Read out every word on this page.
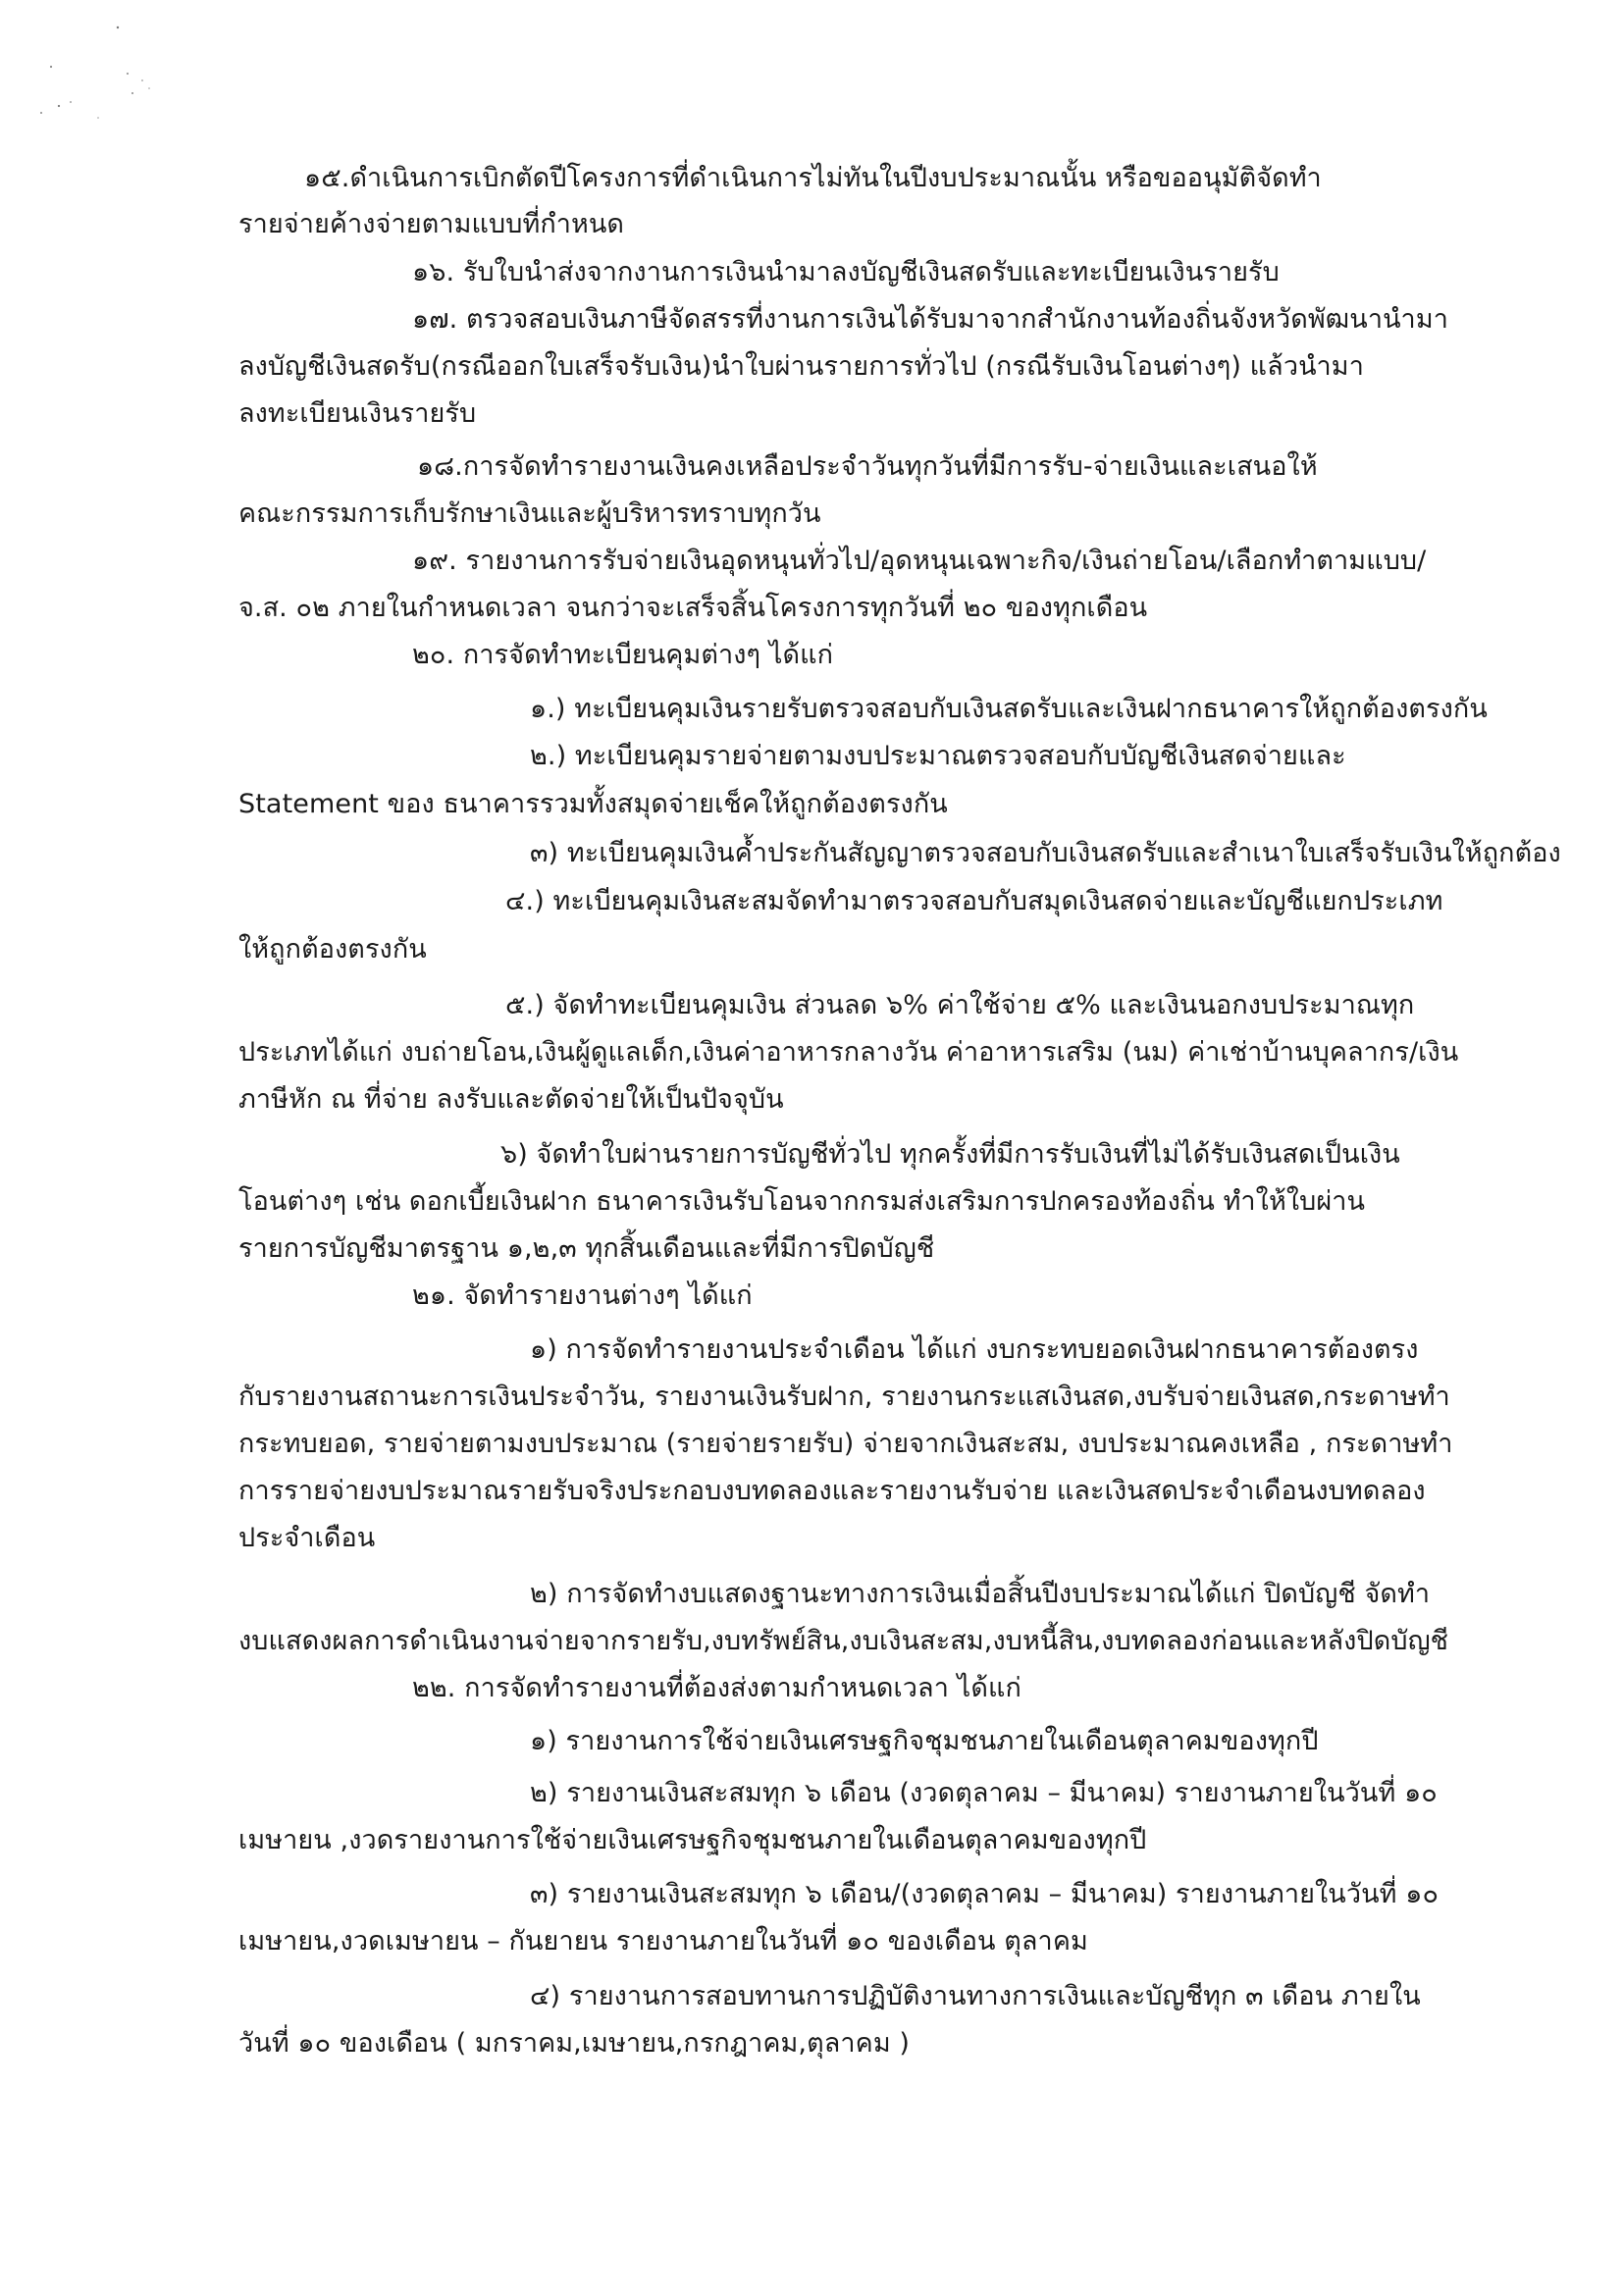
๑๕.ดำเนินการเบิกตัดปีโครงการที่ดำเนินการไม่ทันในปีงบประมาณนั้น หรือขออนุมัติจัดทำ
รายจ่ายค้างจ่ายตามแบบที่กำหนด
๑๖. รับใบนำส่งจากงานการเงินนำมาลงบัญชีเงินสดรับและทะเบียนเงินรายรับ
๑๗. ตรวจสอบเงินภาษีจัดสรรที่งานการเงินได้รับมาจากสำนักงานท้องถิ่นจังหวัดพัฒนานำมา
ลงบัญชีเงินสดรับ(กรณีออกใบเสร็จรับเงิน)นำใบผ่านรายการทั่วไป (กรณีรับเงินโอนต่างๆ) แล้วนำมา
ลงทะเบียนเงินรายรับ
๑๘.การจัดทำรายงานเงินคงเหลือประจำวันทุกวันที่มีการรับ-จ่ายเงินและเสนอให้
คณะกรรมการเก็บรักษาเงินและผู้บริหารทราบทุกวัน
๑๙. รายงานการรับจ่ายเงินอุดหนุนทั่วไป/อุดหนุนเฉพาะกิจ/เงินถ่ายโอน/เลือกทำตามแบบ/
จ.ส. ๐๒ ภายในกำหนดเวลา จนกว่าจะเสร็จสิ้นโครงการทุกวันที่ ๒๐ ของทุกเดือน
๒๐. การจัดทำทะเบียนคุมต่างๆ ได้แก่
๑.) ทะเบียนคุมเงินรายรับตรวจสอบกับเงินสดรับและเงินฝากธนาคารให้ถูกต้องตรงกัน
๒.) ทะเบียนคุมรายจ่ายตามงบประมาณตรวจสอบกับบัญชีเงินสดจ่ายและ
Statement ของ ธนาคารรวมทั้งสมุดจ่ายเช็คให้ถูกต้องตรงกัน
๓) ทะเบียนคุมเงินค้ำประกันสัญญาตรวจสอบกับเงินสดรับและสำเนาใบเสร็จรับเงินให้ถูกต้อง
๔.) ทะเบียนคุมเงินสะสมจัดทำมาตรวจสอบกับสมุดเงินสดจ่ายและบัญชีแยกประเภท
ให้ถูกต้องตรงกัน
๕.) จัดทำทะเบียนคุมเงิน ส่วนลด ๖% ค่าใช้จ่าย ๕% และเงินนอกงบประมาณทุก
ประเภทได้แก่ งบถ่ายโอน,เงินผู้ดูแลเด็ก,เงินค่าอาหารกลางวัน ค่าอาหารเสริม (นม) ค่าเช่าบ้านบุคลากร/เงิน
ภาษีหัก ณ ที่จ่าย ลงรับและตัดจ่ายให้เป็นปัจจุบัน
๖) จัดทำใบผ่านรายการบัญชีทั่วไป ทุกครั้งที่มีการรับเงินที่ไม่ได้รับเงินสดเป็นเงิน
โอนต่างๆ เช่น ดอกเบี้ยเงินฝาก ธนาคารเงินรับโอนจากกรมส่งเสริมการปกครองท้องถิ่น ทำให้ใบผ่าน
รายการบัญชีมาตรฐาน ๑,๒,๓ ทุกสิ้นเดือนและที่มีการปิดบัญชี
๒๑. จัดทำรายงานต่างๆ ได้แก่
๑) การจัดทำรายงานประจำเดือน ได้แก่ งบกระทบยอดเงินฝากธนาคารต้องตรง
กับรายงานสถานะการเงินประจำวัน, รายงานเงินรับฝาก, รายงานกระแสเงินสด,งบรับจ่ายเงินสด,กระดาษทำ
กระทบยอด, รายจ่ายตามงบประมาณ (รายจ่ายรายรับ) จ่ายจากเงินสะสม, งบประมาณคงเหลือ , กระดาษทำ
การรายจ่ายงบประมาณรายรับจริงประกอบงบทดลองและรายงานรับจ่าย และเงินสดประจำเดือนงบทดลอง
ประจำเดือน
๒) การจัดทำงบแสดงฐานะทางการเงินเมื่อสิ้นปีงบประมาณได้แก่ ปิดบัญชี จัดทำ
งบแสดงผลการดำเนินงานจ่ายจากรายรับ,งบทรัพย์สิน,งบเงินสะสม,งบหนี้สิน,งบทดลองก่อนและหลังปิดบัญชี
๒๒. การจัดทำรายงานที่ต้องส่งตามกำหนดเวลา ได้แก่
๑) รายงานการใช้จ่ายเงินเศรษฐกิจชุมชนภายในเดือนตุลาคมของทุกปี
๒) รายงานเงินสะสมทุก ๖ เดือน (งวดตุลาคม – มีนาคม) รายงานภายในวันที่ ๑๐
เมษายน ,งวดรายงานการใช้จ่ายเงินเศรษฐกิจชุมชนภายในเดือนตุลาคมของทุกปี
๓) รายงานเงินสะสมทุก ๖ เดือน/(งวดตุลาคม – มีนาคม) รายงานภายในวันที่ ๑๐
เมษายน,งวดเมษายน – กันยายน รายงานภายในวันที่ ๑๐ ของเดือน ตุลาคม
๔) รายงานการสอบทานการปฏิบัติงานทางการเงินและบัญชีทุก ๓ เดือน ภายใน
วันที่ ๑๐ ของเดือน ( มกราคม,เมษายน,กรกฎาคม,ตุลาคม )
